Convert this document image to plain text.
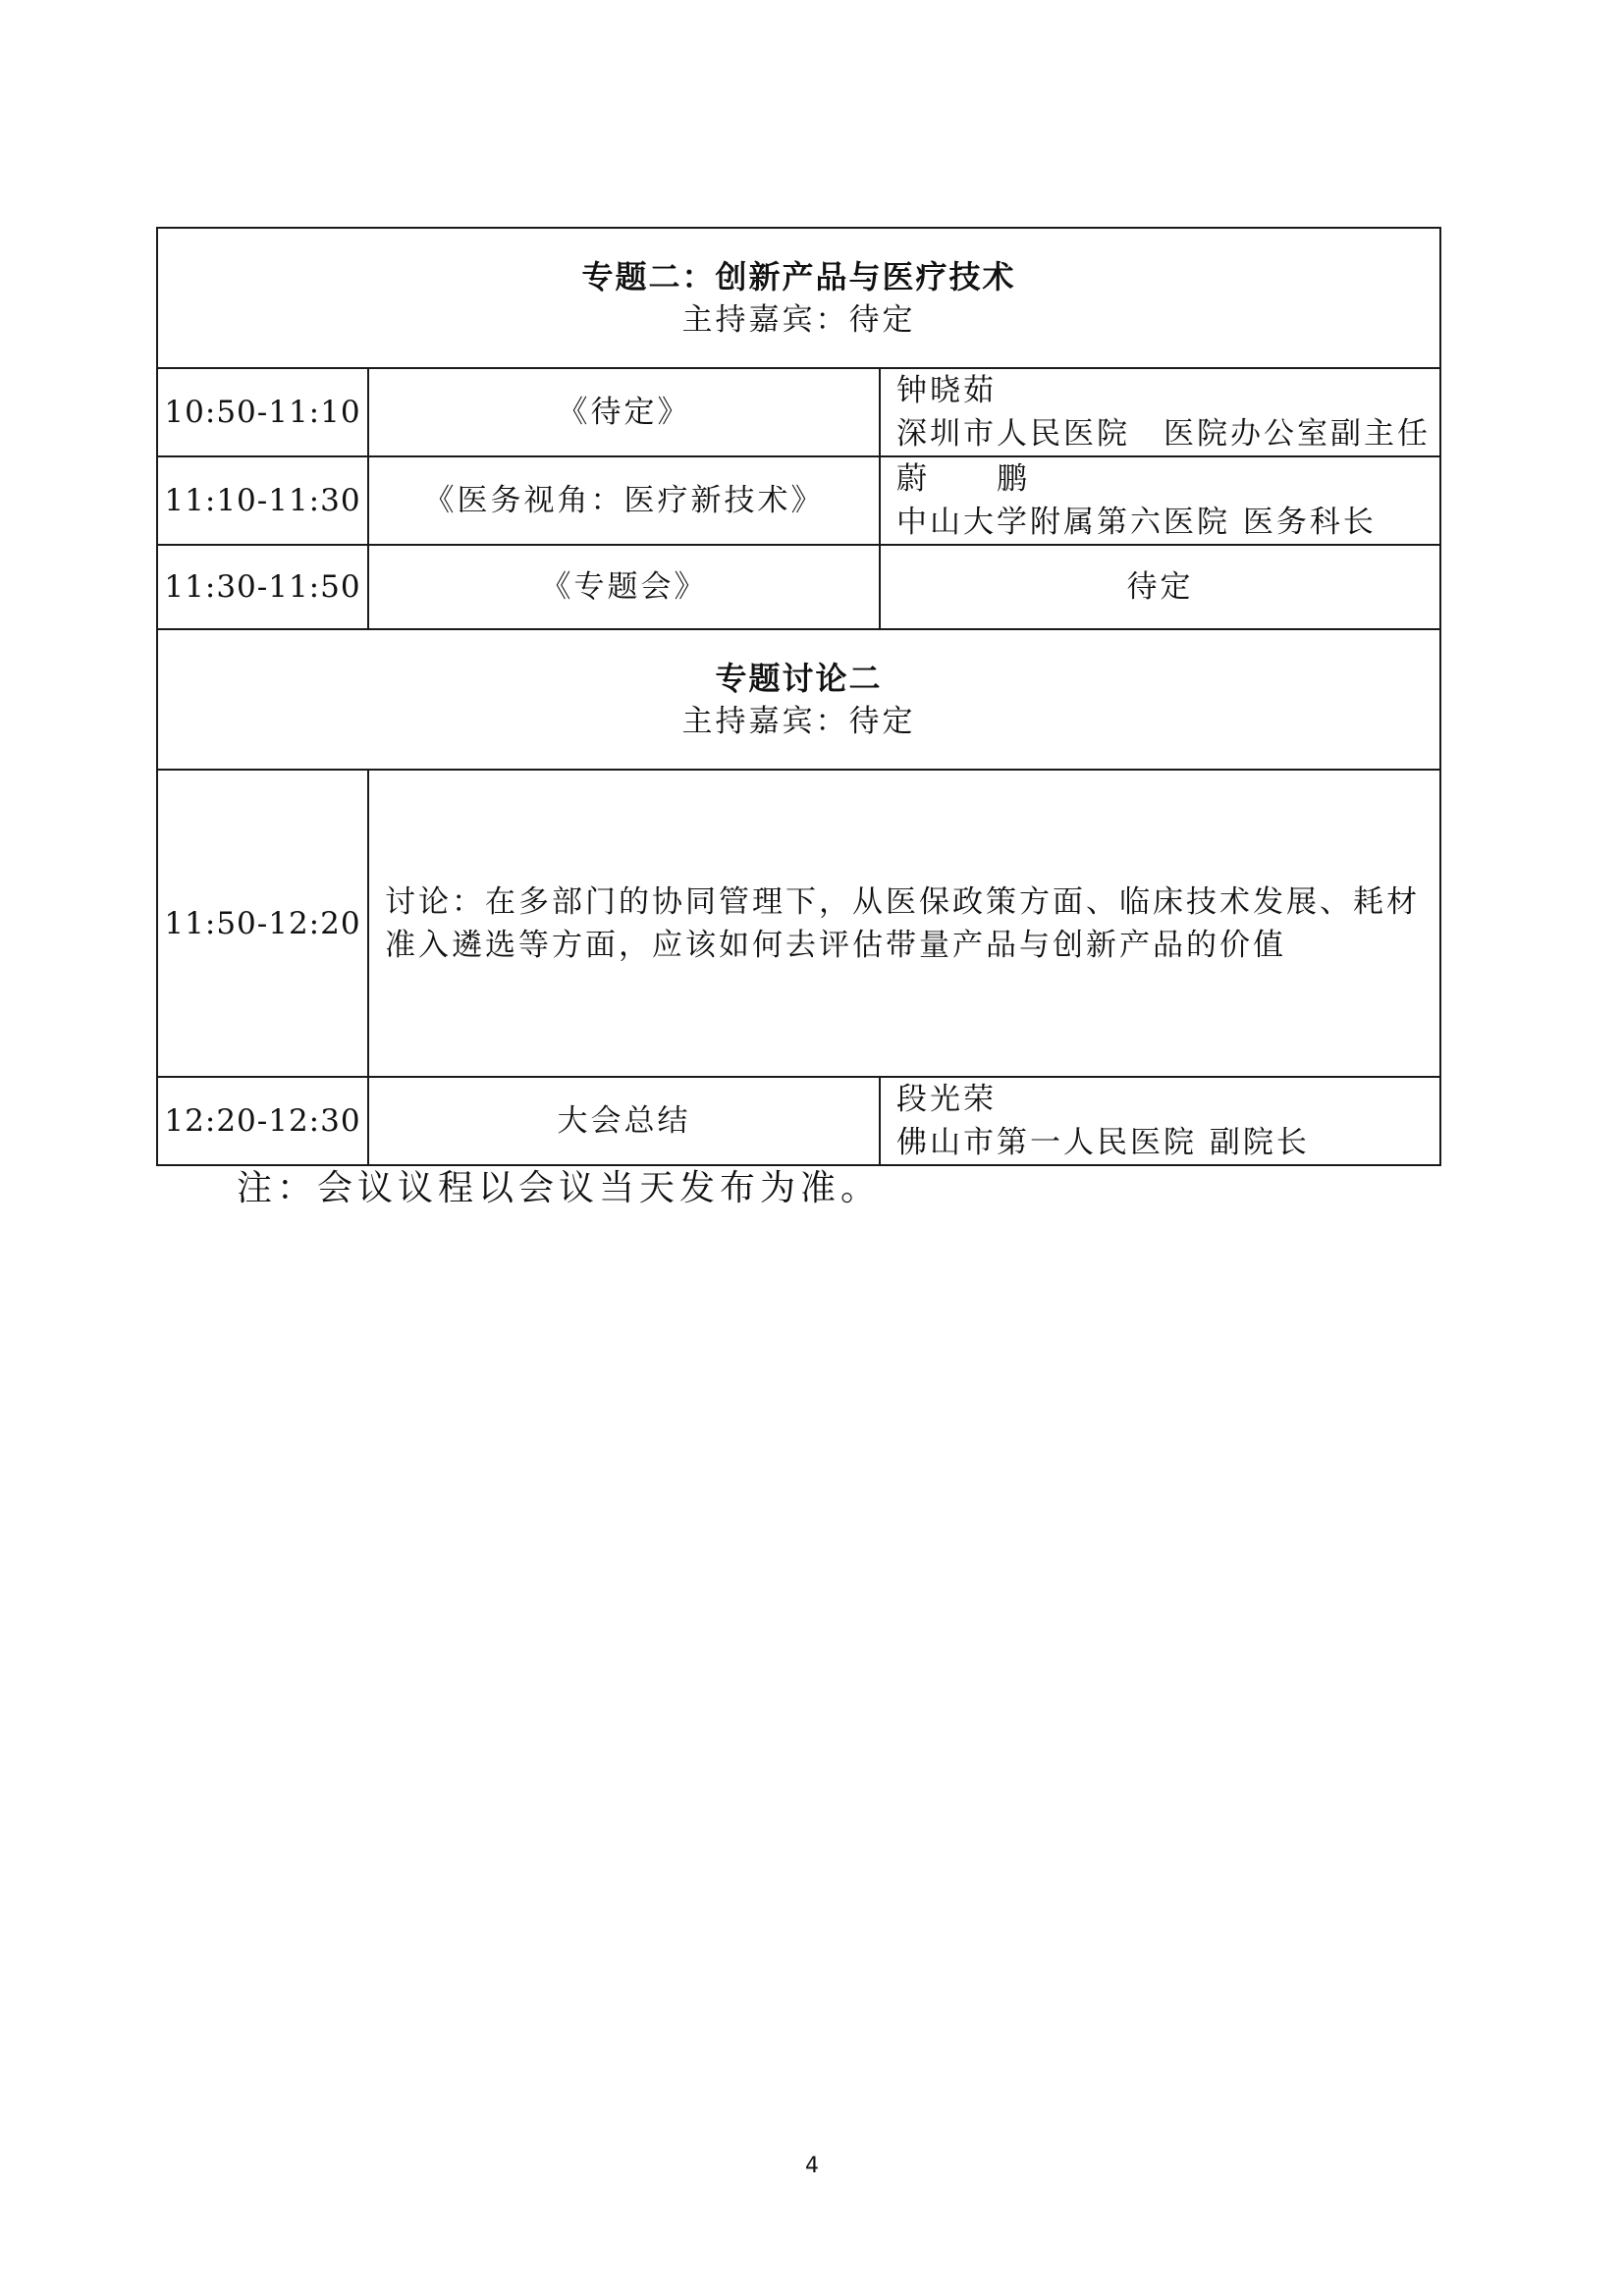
专题二：创新产品与医疗技术
主持嘉宾：待定		

10:50-11:10	《待定》	钟晓茹
深圳市人民医院　医院办公室副主任

11:10-11:30	《医务视角：医疗新技术》	蔚　　鹏
中山大学附属第六医院 医务科长

11:30-11:50	《专题会》	待定

专题讨论二
主持嘉宾：待定		

11:50-12:20	讨论：在多部门的协同管理下，从医保政策方面、临床技术发展、耗材准入遴选等方面，应该如何去评估带量产品与创新产品的价值	
12:20-12:30	大会总结	段光荣
佛山市第一人民医院 副院长
注：会议议程以会议当天发布为准。
4
